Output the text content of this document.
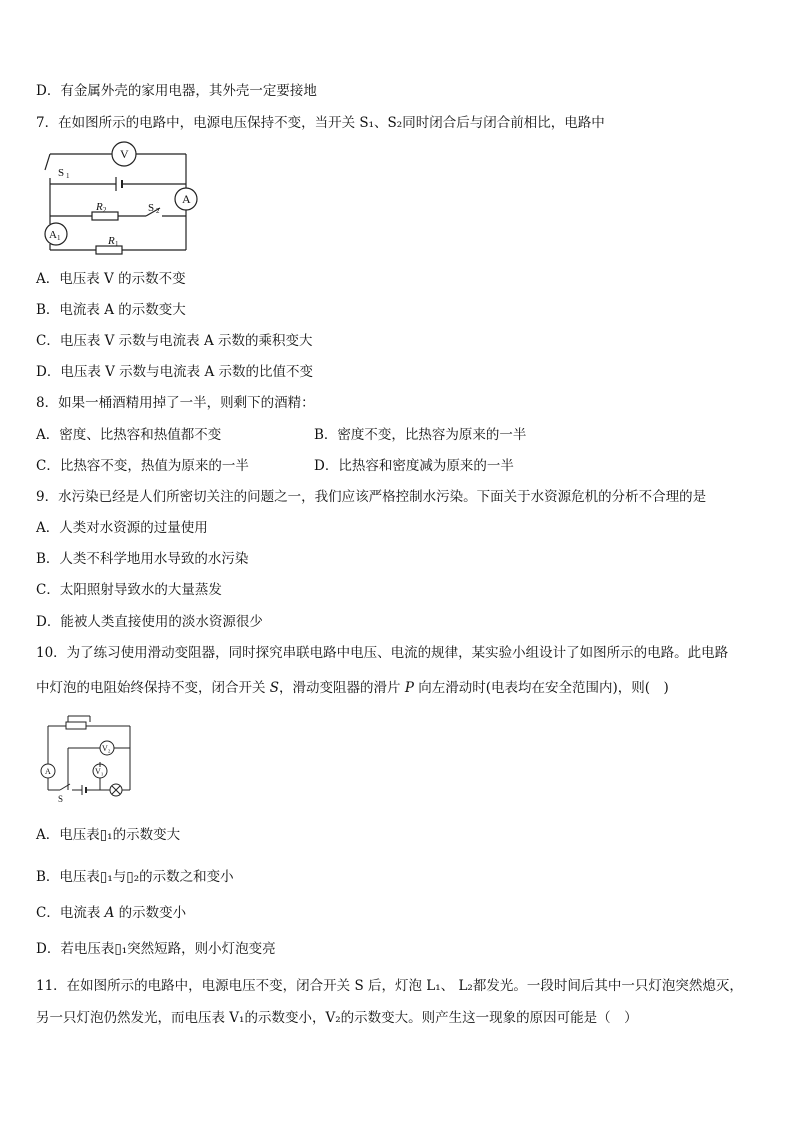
D．有金属外壳的家用电器，其外壳一定要接地
7．在如图所示的电路中，电源电压保持不变，当开关 S₁、S₂同时闭合后与闭合前相比，电路中
V
A
S 1
S 2
R 2
R 1
A 1
A．电压表 V 的示数不变
B．电流表 A 的示数变大
C．电压表 V 示数与电流表 A 示数的乘积变大
D．电压表 V 示数与电流表 A 示数的比值不变
8．如果一桶酒精用掉了一半，则剩下的酒精：
A．密度、比热容和热值都不变	B．密度不变，比热容为原来的一半
C．比热容不变，热值为原来的一半	D．比热容和密度减为原来的一半
9．水污染已经是人们所密切关注的问题之一，我们应该严格控制水污染。下面关于水资源危机的分析不合理的是
A．人类对水资源的过量使用
B．人类不科学地用水导致的水污染
C．太阳照射导致水的大量蒸发
D．能被人类直接使用的淡水资源很少
10．为了练习使用滑动变阻器，同时探究串联电路中电压、电流的规律，某实验小组设计了如图所示的电路。此电路
中灯泡的电阻始终保持不变，闭合开关 S，滑动变阻器的滑片 P 向左滑动时(电表均在安全范围内)，则(　)
V₂
V₁
A
S
A．电压表▯₁的示数变大
B．电压表▯₁与▯₂的示数之和变小
C．电流表 A 的示数变小
D．若电压表▯₁突然短路，则小灯泡变亮
11．在如图所示的电路中，电源电压不变，闭合开关 S 后，灯泡 L₁、 L₂都发光。一段时间后其中一只灯泡突然熄灭，
另一只灯泡仍然发光，而电压表 V₁的示数变小，V₂的示数变大。则产生这一现象的原因可能是（　）
